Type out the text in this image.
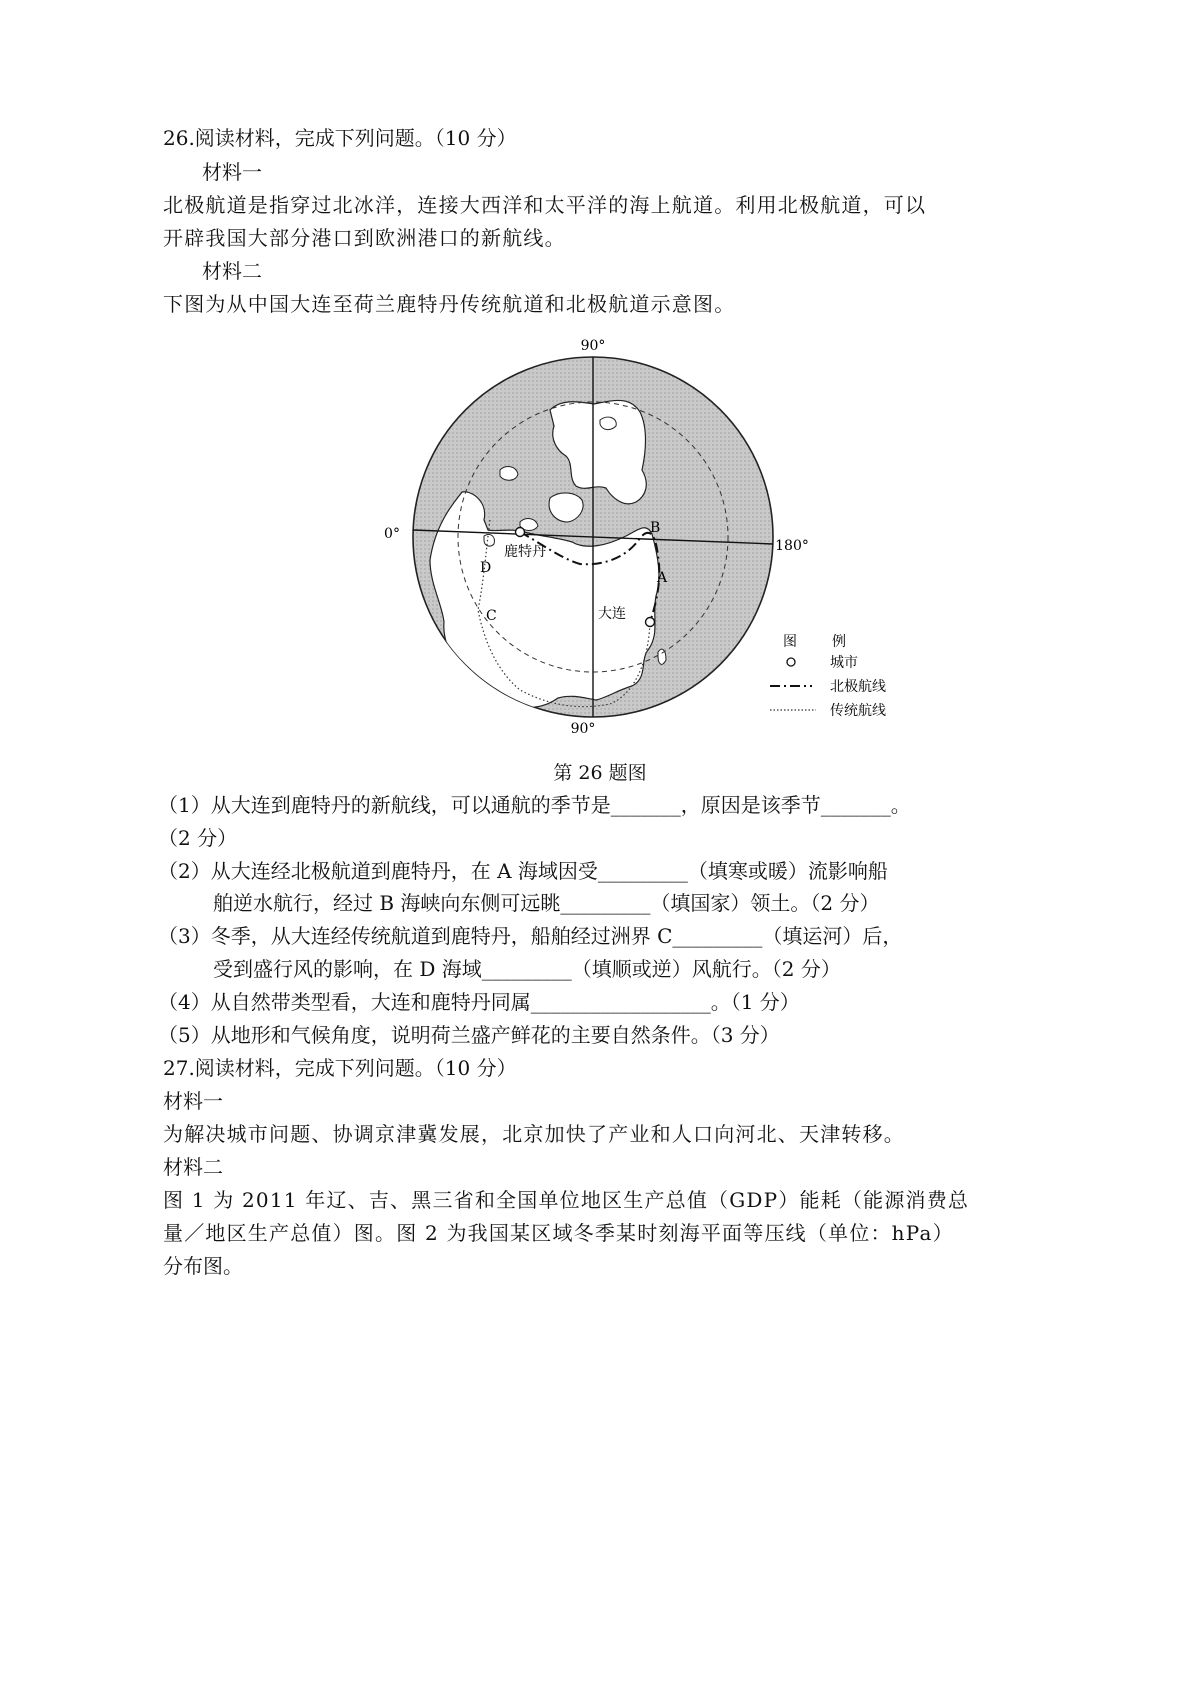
26.阅读材料，完成下列问题。（10 分）
材料一
北极航道是指穿过北冰洋，连接大西洋和太平洋的海上航道。利用北极航道，可以
开辟我国大部分港口到欧洲港口的新航线。
材料二
下图为从中国大连至荷兰鹿特丹传统航道和北极航道示意图。
90°
0°
180°
90°
鹿特丹
大连
A
B
C
D
图	例
城市
北极航线
传统航线
第 26 题图
（1）从大连到鹿特丹的新航线，可以通航的季节是_______，原因是该季节_______。
（2 分）
（2）从大连经北极航道到鹿特丹，在 A 海域因受_________（填寒或暖）流影响船
舶逆水航行，经过 B 海峡向东侧可远眺_________（填国家）领土。（2 分）
（3）冬季，从大连经传统航道到鹿特丹，船舶经过洲界 C_________（填运河）后，
受到盛行风的影响，在 D 海域_________（填顺或逆）风航行。（2 分）
（4）从自然带类型看，大连和鹿特丹同属__________________。（1 分）
（5）从地形和气候角度，说明荷兰盛产鲜花的主要自然条件。（3 分）
27.阅读材料，完成下列问题。（10 分）
材料一
为解决城市问题、协调京津冀发展，北京加快了产业和人口向河北、天津转移。
材料二
图 1 为 2011 年辽、吉、黑三省和全国单位地区生产总值（GDP）能耗（能源消费总
量／地区生产总值）图。图 2 为我国某区域冬季某时刻海平面等压线（单位：hPa）
分布图。
